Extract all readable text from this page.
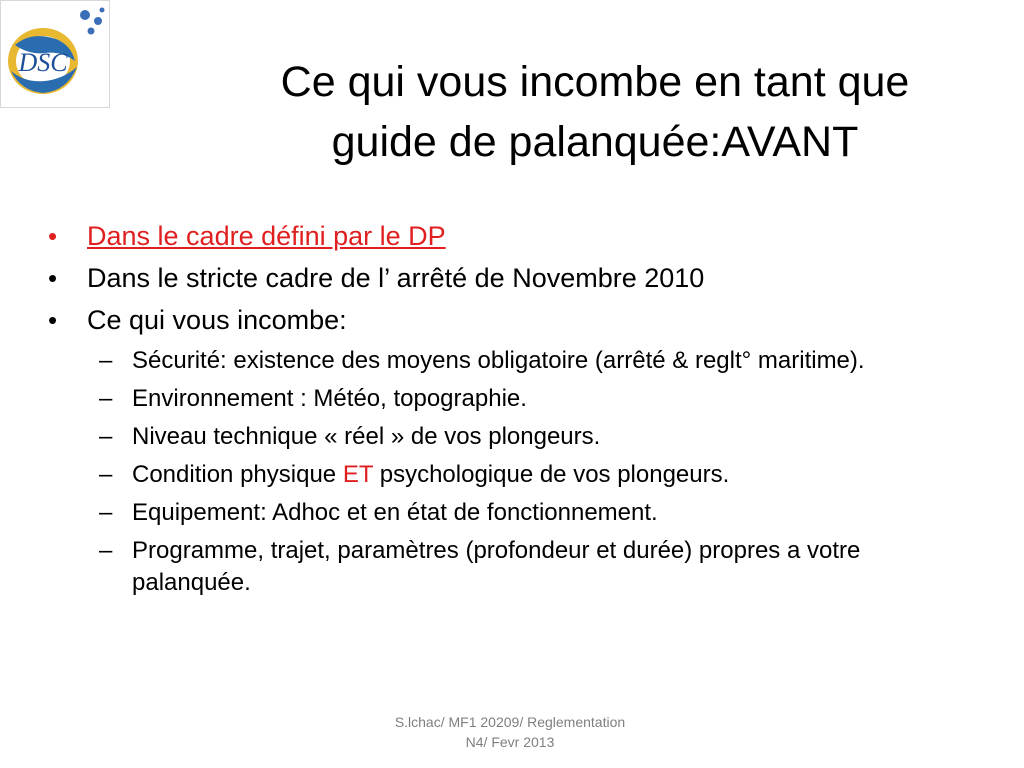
DSC	Ce qui vous incombe en tant que
guide de palanquée:AVANT
• Dans le cadre défini par le DP
• Dans le stricte cadre de l’ arrêté de Novembre 2010
• Ce qui vous incombe:
– Sécurité: existence des moyens obligatoire (arrêté & reglt° maritime).
– Environnement : Météo, topographie.
– Niveau technique « réel » de vos plongeurs.
– Condition physique ET psychologique de vos plongeurs.
– Equipement: Adhoc et en état de fonctionnement.
– Programme, trajet, paramètres (profondeur et durée) propres a votre palanquée.
S.lchac/ MF1 20209/ Reglementation
N4/ Fevr 2013
